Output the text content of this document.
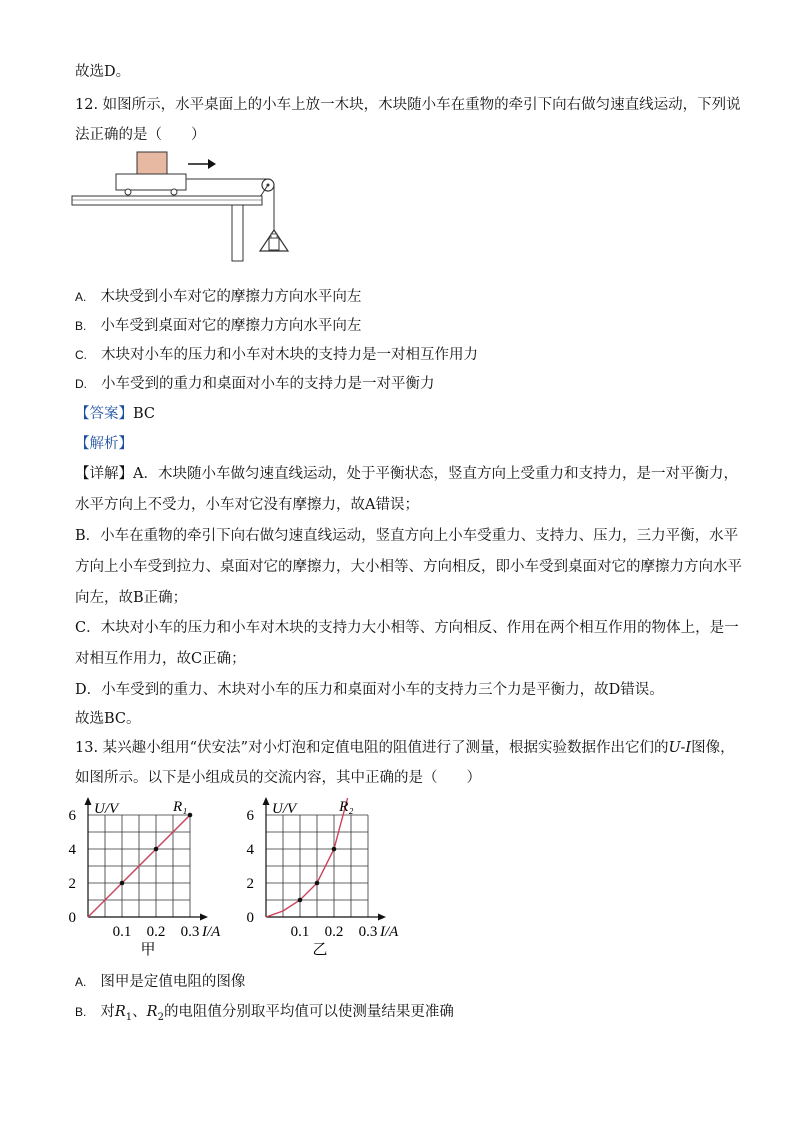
故选D。
12. 如图所示，水平桌面上的小车上放一木块，木块随小车在重物的牵引下向右做匀速直线运动，下列说
法正确的是（　　）
A. 木块受到小车对它的摩擦力方向水平向左
B. 小车受到桌面对它的摩擦力方向水平向左
C. 木块对小车的压力和小车对木块的支持力是一对相互作用力
D. 小车受到的重力和桌面对小车的支持力是一对平衡力
【答案】BC
【解析】
【详解】A．木块随小车做匀速直线运动，处于平衡状态，竖直方向上受重力和支持力，是一对平衡力，
水平方向上不受力，小车对它没有摩擦力，故A错误；
B．小车在重物的牵引下向右做匀速直线运动，竖直方向上小车受重力、支持力、压力，三力平衡，水平
方向上小车受到拉力、桌面对它的摩擦力，大小相等、方向相反，即小车受到桌面对它的摩擦力方向水平
向左，故B正确；
C．木块对小车的压力和小车对木块的支持力大小相等、方向相反、作用在两个相互作用的物体上，是一
对相互作用力，故C正确；
D．小车受到的重力、木块对小车的压力和桌面对小车的支持力三个力是平衡力，故D错误。
故选BC。
13. 某兴趣小组用“伏安法”对小灯泡和定值电阻的阻值进行了测量，根据实验数据作出它们的U-I图像，
如图所示。以下是小组成员的交流内容，其中正确的是（　　）
0
2
4
6
0.1 0.2 0.3 I/A
U/V	R₁
甲
0
2
4
6
0.1 0.2 0.3 I/A
U/V	R₂
乙
A. 图甲是定值电阻的图像
B. 对$R_1$、$R_2$的电阻值分别取平均值可以使测量结果更准确
